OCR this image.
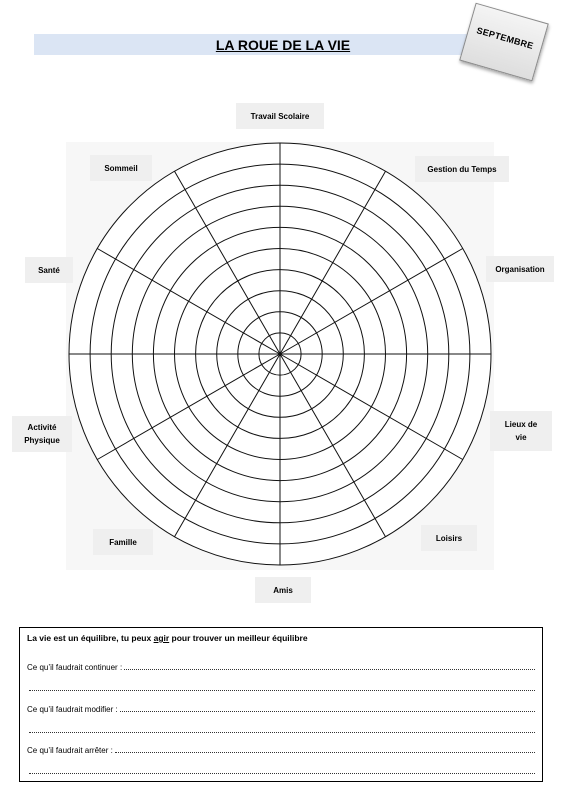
LA ROUE DE LA VIE	SEPTEMBRE
Travail Scolaire
Gestion du Temps
Organisation
Lieux de
vie
Loisirs
Amis
Famille
Activité
Physique
Santé
Sommeil
La vie est un équilibre, tu peux agir pour trouver un meilleur équilibre
Ce qu’il faudrait continuer :
Ce qu’il faudrait modifier :
Ce qu’il faudrait arrêter :
